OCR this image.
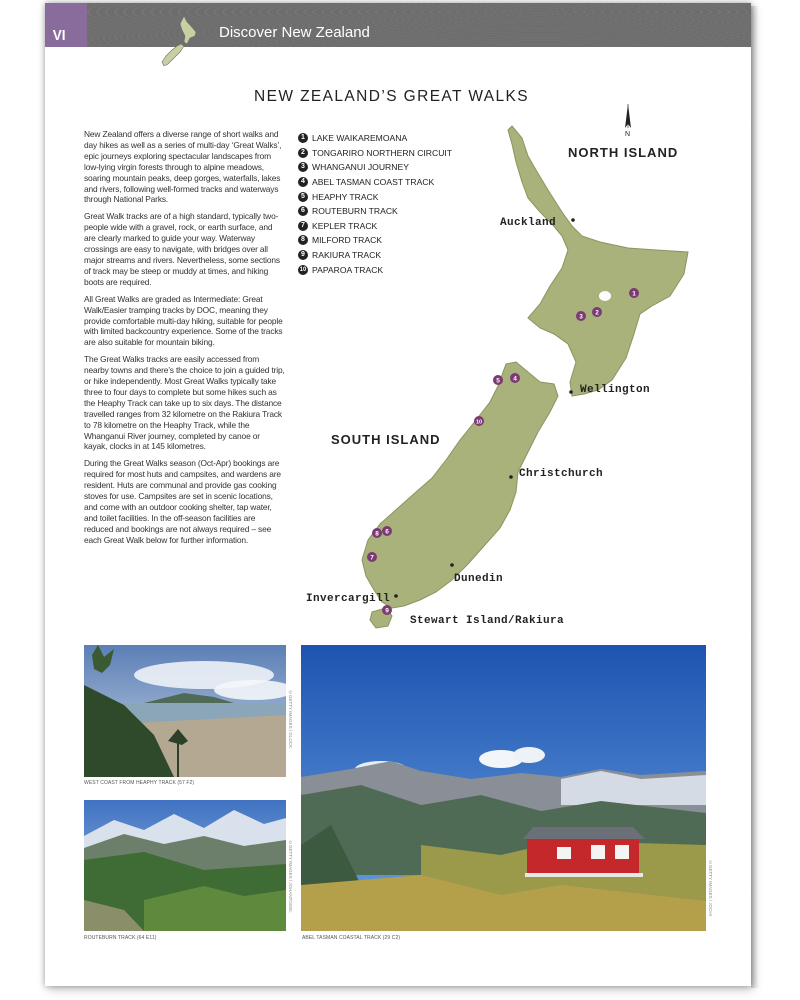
VI	Discover New Zealand
NEW ZEALAND’S GREAT WALKS

New Zealand offers a diverse range of short walks and day hikes as well as a series of multi-day ‘Great Walks’, epic journeys exploring spectacular landscapes from low-lying virgin forests through to alpine meadows, soaring mountain peaks, deep gorges, waterfalls, lakes and rivers, following well-formed tracks and waterways through National Parks.

Great Walk tracks are of a high standard, typically two-people wide with a gravel, rock, or earth surface, and are clearly marked to guide your way. Waterway crossings are easy to navigate, with bridges over all major streams and rivers. Nevertheless, some sections of track may be steep or muddy at times, and hiking boots are required.

All Great Walks are graded as Intermediate: Great Walk/Easier tramping tracks by DOC, meaning they provide comfortable multi-day hiking, suitable for people with limited backcountry experience. Some of the tracks are also suitable for mountain biking.

The Great Walks tracks are easily accessed from nearby towns and there’s the choice to join a guided trip, or hike independently. Most Great Walks typically take three to four days to complete but some hikes such as the Heaphy Track can take up to six days. The distance travelled ranges from 32 kilometre on the Rakiura Track to 78 kilometre on the Heaphy Track, while the Whanganui River journey, completed by canoe or kayak, clocks in at 145 kilometres.

During the Great Walks season (Oct-Apr) bookings are required for most huts and campsites, and wardens are resident. Huts are communal and provide gas cooking stoves for use. Campsites are set in scenic locations, and come with an outdoor cooking shelter, tap water, and toilet facilities. In the off-season facilities are reduced and bookings are not always required – see each Great Walk below for further information.

N
1
2
3
4
5
6
7
8
9
10
NORTH ISLAND
SOUTH ISLAND
Auckland
Wellington
Christchurch
Dunedin
Invercargill
Stewart Island/Rakiura
1 LAKE WAIKAREMOANA
2 TONGARIRO NORTHERN CIRCUIT
3 WHANGANUI JOURNEY
4 ABEL TASMAN COAST TRACK
5 HEAPHY TRACK
6 ROUTEBURN TRACK
7 KEPLER TRACK
8 MILFORD TRACK
9 RAKIURA TRACK
10 PAPAROA TRACK
WEST COAST FROM HEAPHY TRACK (57 F2)
©GETTY IMAGES / GLOCK
ROUTEBURN TRACK (64 E11)
©GETTY IMAGES / JOHANTOGEL
ABEL TASMAN COASTAL TRACK (29 C2)
©GETTY IMAGES / JOCHI
